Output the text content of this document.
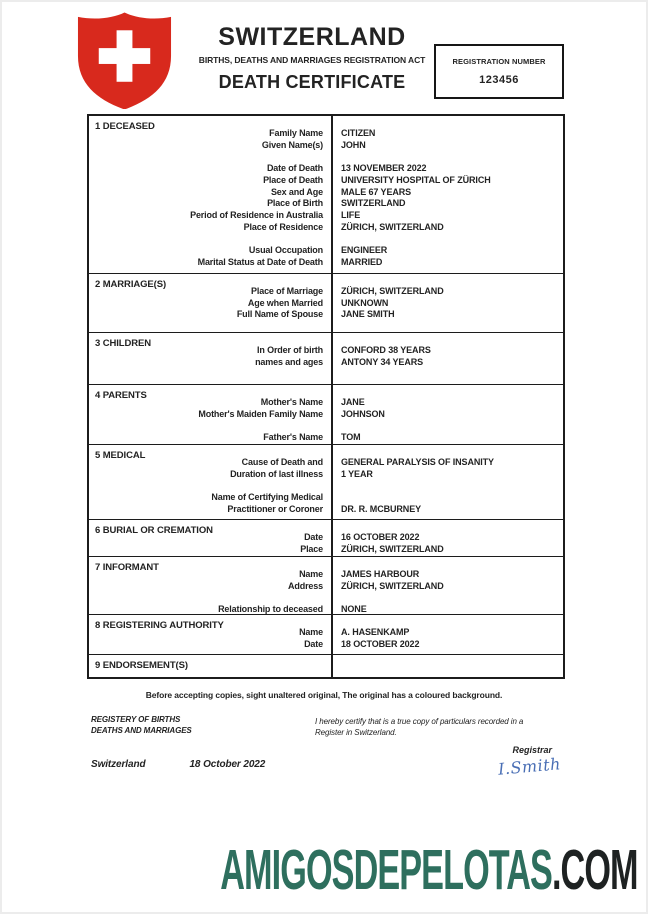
SWITZERLAND
BIRTHS, DEATHS AND MARRIAGES REGISTRATION ACT
DEATH CERTIFICATE
REGISTRATION NUMBER
123456
1 DECEASED
Family Name	CITIZEN
Given Name(s)	JOHN
Date of Death	13 NOVEMBER 2022
Place of Death	UNIVERSITY HOSPITAL OF ZÜRICH
Sex and Age	MALE 67 YEARS
Place of Birth	SWITZERLAND
Period of Residence in Australia	LIFE
Place of Residence	ZÜRICH, SWITZERLAND
Usual Occupation	ENGINEER
Marital Status at Date of Death	MARRIED
2 MARRIAGE(S)
Place of Marriage	ZÜRICH, SWITZERLAND
Age when Married	UNKNOWN
Full Name of Spouse	JANE SMITH
3 CHILDREN
In Order of birth	CONFORD 38 YEARS
names and ages	ANTONY 34 YEARS
4 PARENTS
Mother's Name	JANE
Mother's Maiden Family Name	JOHNSON
Father's Name	TOM
5 MEDICAL
Cause of Death and	GENERAL PARALYSIS OF INSANITY
Duration of last illness	1 YEAR
Name of Certifying Medical
Practitioner or Coroner	DR. R. MCBURNEY
6 BURIAL OR CREMATION
Date	16 OCTOBER 2022
Place	ZÜRICH, SWITZERLAND
7 INFORMANT
Name	JAMES HARBOUR
Address	ZÜRICH, SWITZERLAND
Relationship to deceased	NONE
8 REGISTERING AUTHORITY
Name	A. HASENKAMP
Date	18 OCTOBER 2022
9 ENDORSEMENT(S)
Before accepting copies, sight unaltered original, The original has a coloured background.
REGISTERY OF BIRTHS
DEATHS AND MARRIAGES
I hereby certify that is a true copy of particulars recorded in a
Register in Switzerland.
Registrar
Switzerland	18 October 2022	I.Smith
AMIGOSDEPELOTAS.COM
